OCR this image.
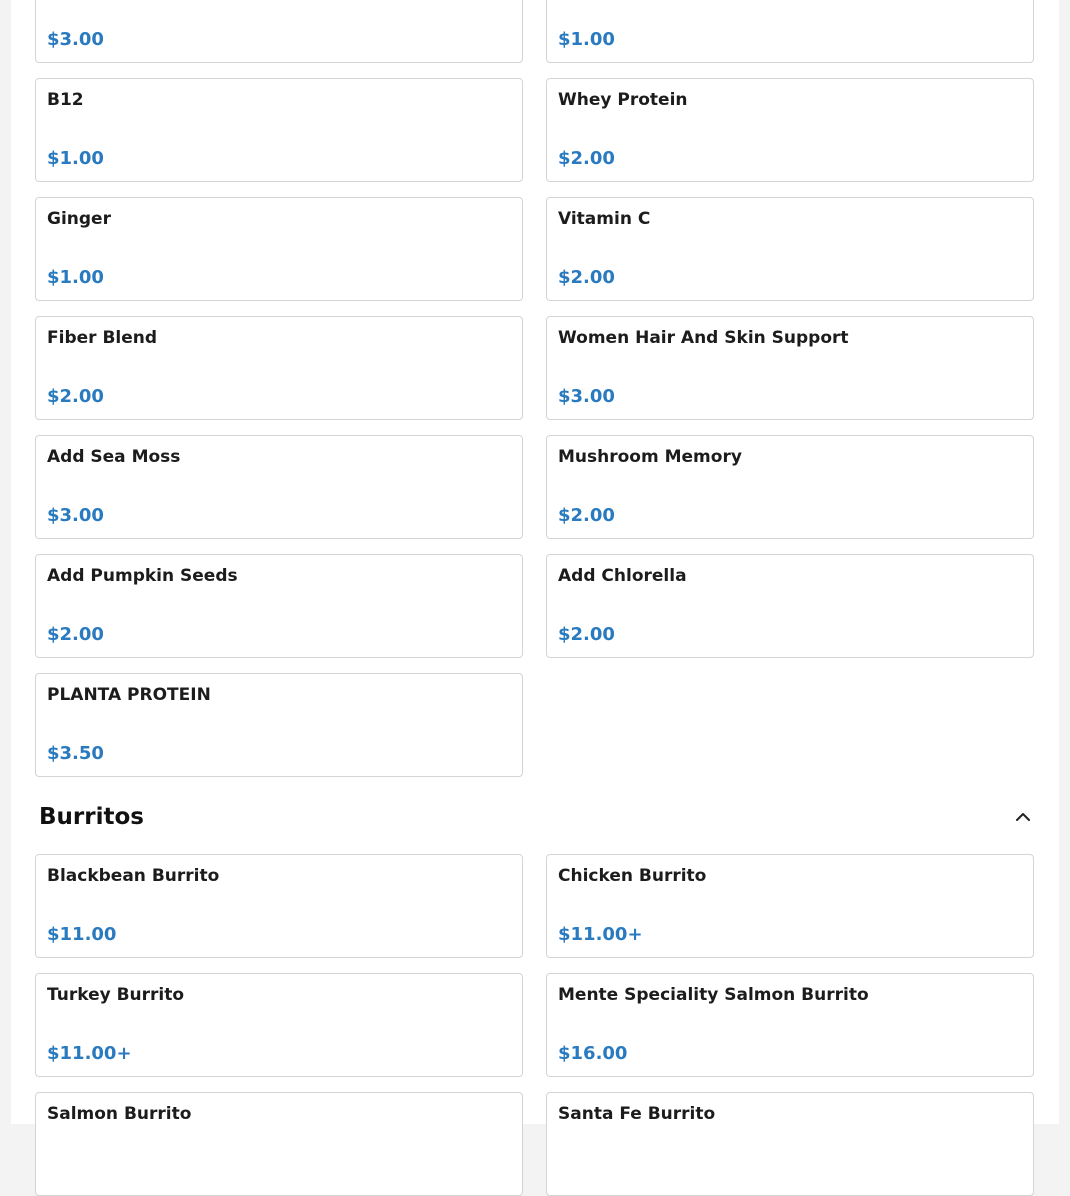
$3.00	$1.00
B12
$1.00
Whey Protein
$2.00
Ginger
$1.00
Vitamin C
$2.00
Fiber Blend
$2.00
Women Hair And Skin Support
$3.00
Add Sea Moss
$3.00
Mushroom Memory
$2.00
Add Pumpkin Seeds
$2.00
Add Chlorella
$2.00
PLANTA PROTEIN
$3.50
Burritos
Blackbean Burrito
$11.00
Chicken Burrito
$11.00+
Turkey Burrito
$11.00+
Mente Speciality Salmon Burrito
$16.00
Salmon Burrito	Santa Fe Burrito
